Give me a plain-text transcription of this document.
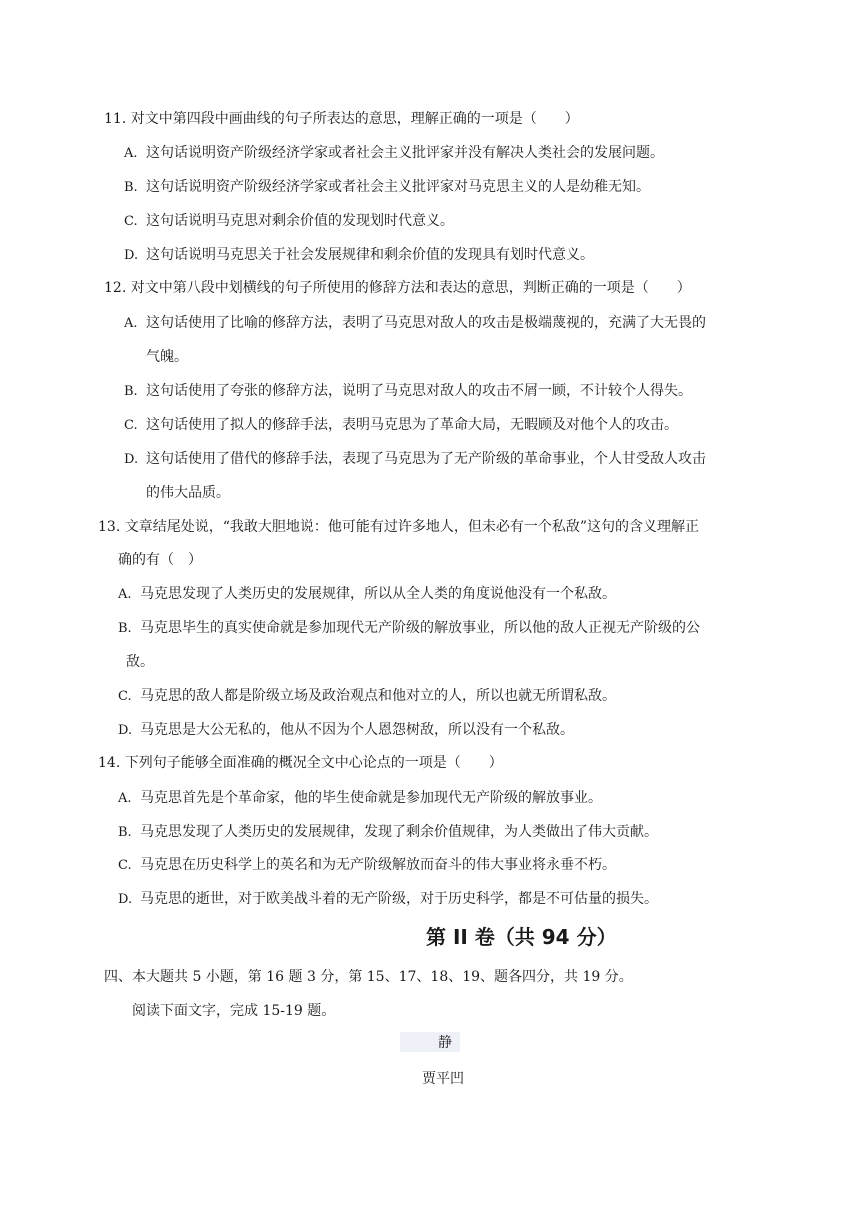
11. 对文中第四段中画曲线的句子所表达的意思，理解正确的一项是（　　）
A. 这句话说明资产阶级经济学家或者社会主义批评家并没有解决人类社会的发展问题。
B. 这句话说明资产阶级经济学家或者社会主义批评家对马克思主义的人是幼稚无知。
C. 这句话说明马克思对剩余价值的发现划时代意义。
D. 这句话说明马克思关于社会发展规律和剩余价值的发现具有划时代意义。
12. 对文中第八段中划横线的句子所使用的修辞方法和表达的意思，判断正确的一项是（　　）
A. 这句话使用了比喻的修辞方法，表明了马克思对敌人的攻击是极端蔑视的，充满了大无畏的
气魄。
B. 这句话使用了夸张的修辞方法，说明了马克思对敌人的攻击不屑一顾，不计较个人得失。
C. 这句话使用了拟人的修辞手法，表明马克思为了革命大局，无暇顾及对他个人的攻击。
D. 这句话使用了借代的修辞手法，表现了马克思为了无产阶级的革命事业，个人甘受敌人攻击
的伟大品质。
13. 文章结尾处说，“我敢大胆地说：他可能有过许多地人，但未必有一个私敌”这句的含义理解正
确的有（　）
A. 马克思发现了人类历史的发展规律，所以从全人类的角度说他没有一个私敌。
B. 马克思毕生的真实使命就是参加现代无产阶级的解放事业，所以他的敌人正视无产阶级的公
敌。
C. 马克思的敌人都是阶级立场及政治观点和他对立的人，所以也就无所谓私敌。
D. 马克思是大公无私的，他从不因为个人恩怨树敌，所以没有一个私敌。
14. 下列句子能够全面准确的概况全文中心论点的一项是（　　）
A. 马克思首先是个革命家，他的毕生使命就是参加现代无产阶级的解放事业。
B. 马克思发现了人类历史的发展规律，发现了剩余价值规律，为人类做出了伟大贡献。
C. 马克思在历史科学上的英名和为无产阶级解放而奋斗的伟大事业将永垂不朽。
D. 马克思的逝世，对于欧美战斗着的无产阶级，对于历史科学，都是不可估量的损失。
第 II 卷（共 94 分）
四、本大题共 5 小题，第 16 题 3 分，第 15、17、18、19、题各四分，共 19 分。
阅读下面文字，完成 15-19 题。
静
贾平凹
